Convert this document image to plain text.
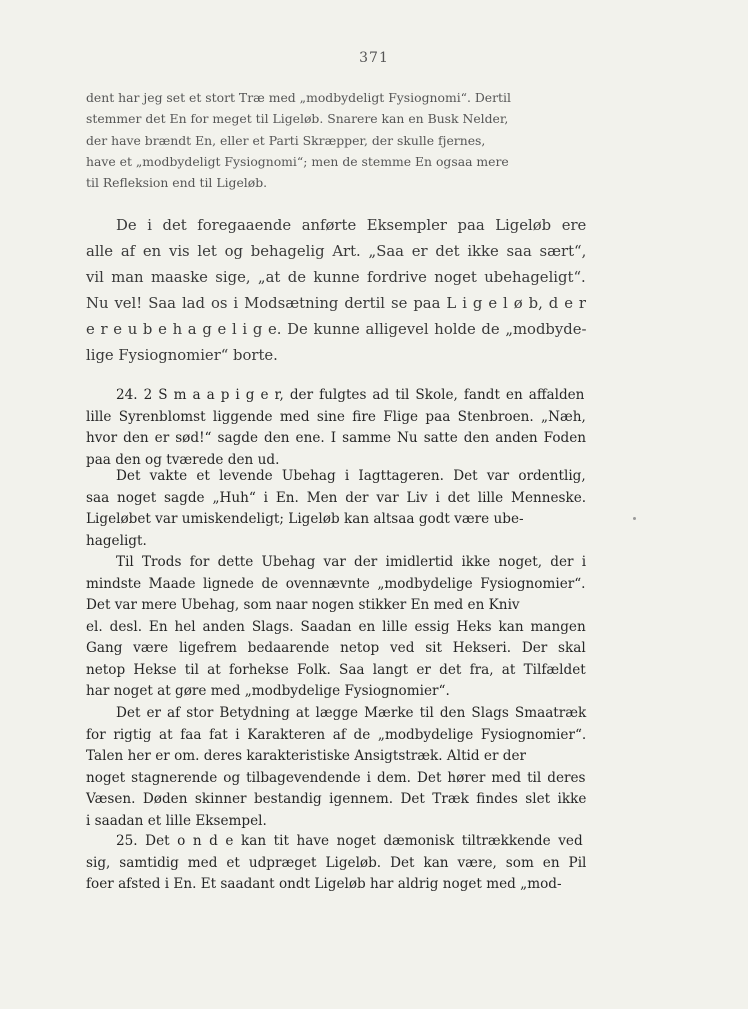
371
dent har jeg set et stort Træ med „modbydeligt Fysiognomi“. Dertil
stemmer det En for meget til Ligeløb. Snarere kan en Busk Nelder,
der have brændt En, eller et Parti Skræpper, der skulle fjernes,
have et „modbydeligt Fysiognomi“; men de stemme En ogsaa mere
til Refleksion end til Ligeløb.
De i det foregaaende anførte Eksempler paa Ligeløb ere
alle af en vis let og behagelig Art. „Saa er det ikke saa sært“,
vil man maaske sige, „at de kunne fordrive noget ubehageligt“.
Nu vel! Saa lad os i Modsætning dertil se paa L i g e l ø b, d e r
e r e u b e h a g e l i g e. De kunne alligevel holde de „modbyde-
lige Fysiognomier“ borte.
24. 2 S m a a p i g e r, der fulgtes ad til Skole, fandt en affalden
lille Syrenblomst liggende med sine fire Flige paa Stenbroen. „Næh,
hvor den er sød!“ sagde den ene. I samme Nu satte den anden Foden
paa den og tværede den ud.
Det vakte et levende Ubehag i Iagttageren. Det var ordentlig,
saa noget sagde „Huh“ i En. Men der var Liv i det lille Menneske.
Ligeløbet var umiskendeligt; Ligeløb kan altsaa godt være ube-
hageligt.
Til Trods for dette Ubehag var der imidlertid ikke noget, der i
mindste Maade lignede de ovennævnte „modbydelige Fysiognomier“.
Det var mere Ubehag, som naar nogen stikker En med en Kniv
el. desl. En hel anden Slags. Saadan en lille essig Heks kan mangen
Gang være ligefrem bedaarende netop ved sit Hekseri. Der skal
netop Hekse til at forhekse Folk. Saa langt er det fra, at Tilfældet
har noget at gøre med „modbydelige Fysiognomier“.
Det er af stor Betydning at lægge Mærke til den Slags Smaatræk
for rigtig at faa fat i Karakteren af de „modbydelige Fysiognomier“.
Talen her er om. deres karakteristiske Ansigtstræk. Altid er der
noget stagnerende og tilbagevendende i dem. Det hører med til deres
Væsen. Døden skinner bestandig igennem. Det Træk findes slet ikke
i saadan et lille Eksempel.
25. Det o n d e kan tit have noget dæmonisk tiltrækkende ved
sig, samtidig med et udpræget Ligeløb. Det kan være, som en Pil
foer afsted i En. Et saadant ondt Ligeløb har aldrig noget med „mod-
